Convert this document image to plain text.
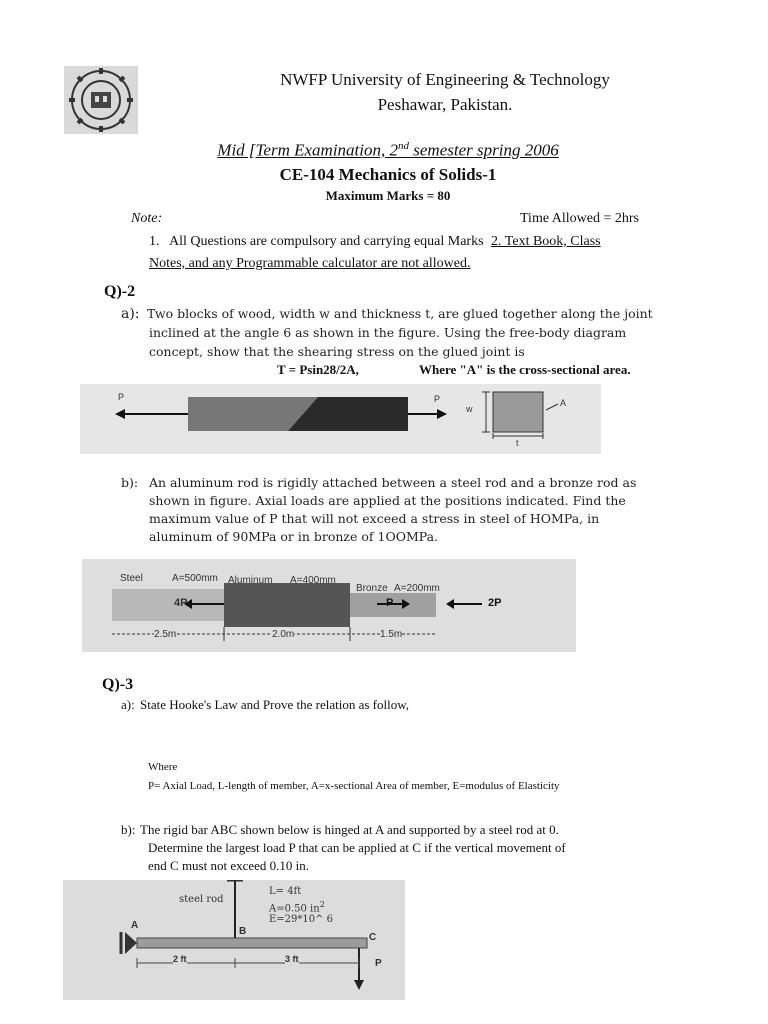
NWFP University of Engineering & Technology
Peshawar, Pakistan.
Mid [Term Examination, 2nd semester spring 2006
CE-104 Mechanics of Solids-1
Maximum Marks = 80
Note:	Time Allowed = 2hrs
1. All Questions are compulsory and carrying equal Marks 2. Text Book, Class
Notes, and any Programmable calculator are not allowed.
Q)-2
a): Two blocks of wood, width w and thickness t, are glued together along the joint
inclined at the angle 6 as shown in the figure. Using the free-body diagram
concept, show that the shearing stress on the glued joint is
T = Psin28/2A,	Where "A" is the cross-sectional area.
P	P
w
A
t
b): An aluminum rod is rigidly attached between a steel rod and a bronze rod as
shown in figure. Axial loads are applied at the positions indicated. Find the
maximum value of P that will not exceed a stress in steel of HOMPa, in
aluminum of 90MPa or in bronze of 1OOMPa.
Steel	A=500mm Aluminum A=400mm
Bronze A=200mm
4P	P	2P
2.5m	2.0m	1.5m
Q)-3
a): State Hooke's Law and Prove the relation as follow,
Where
P= Axial Load, L-length of member, A=x-sectional Area of member, E=modulus of Elasticity
b): The rigid bar ABC shown below is hinged at A and supported by a steel rod at 0.
Determine the largest load P that can be applied at C if the vertical movement of
end C must not exceed 0.10 in.
steel rod
L= 4ft
A=0.50 $in^2$
E=29*10^ 6
A
B
C
P
2 ft	3 ft
